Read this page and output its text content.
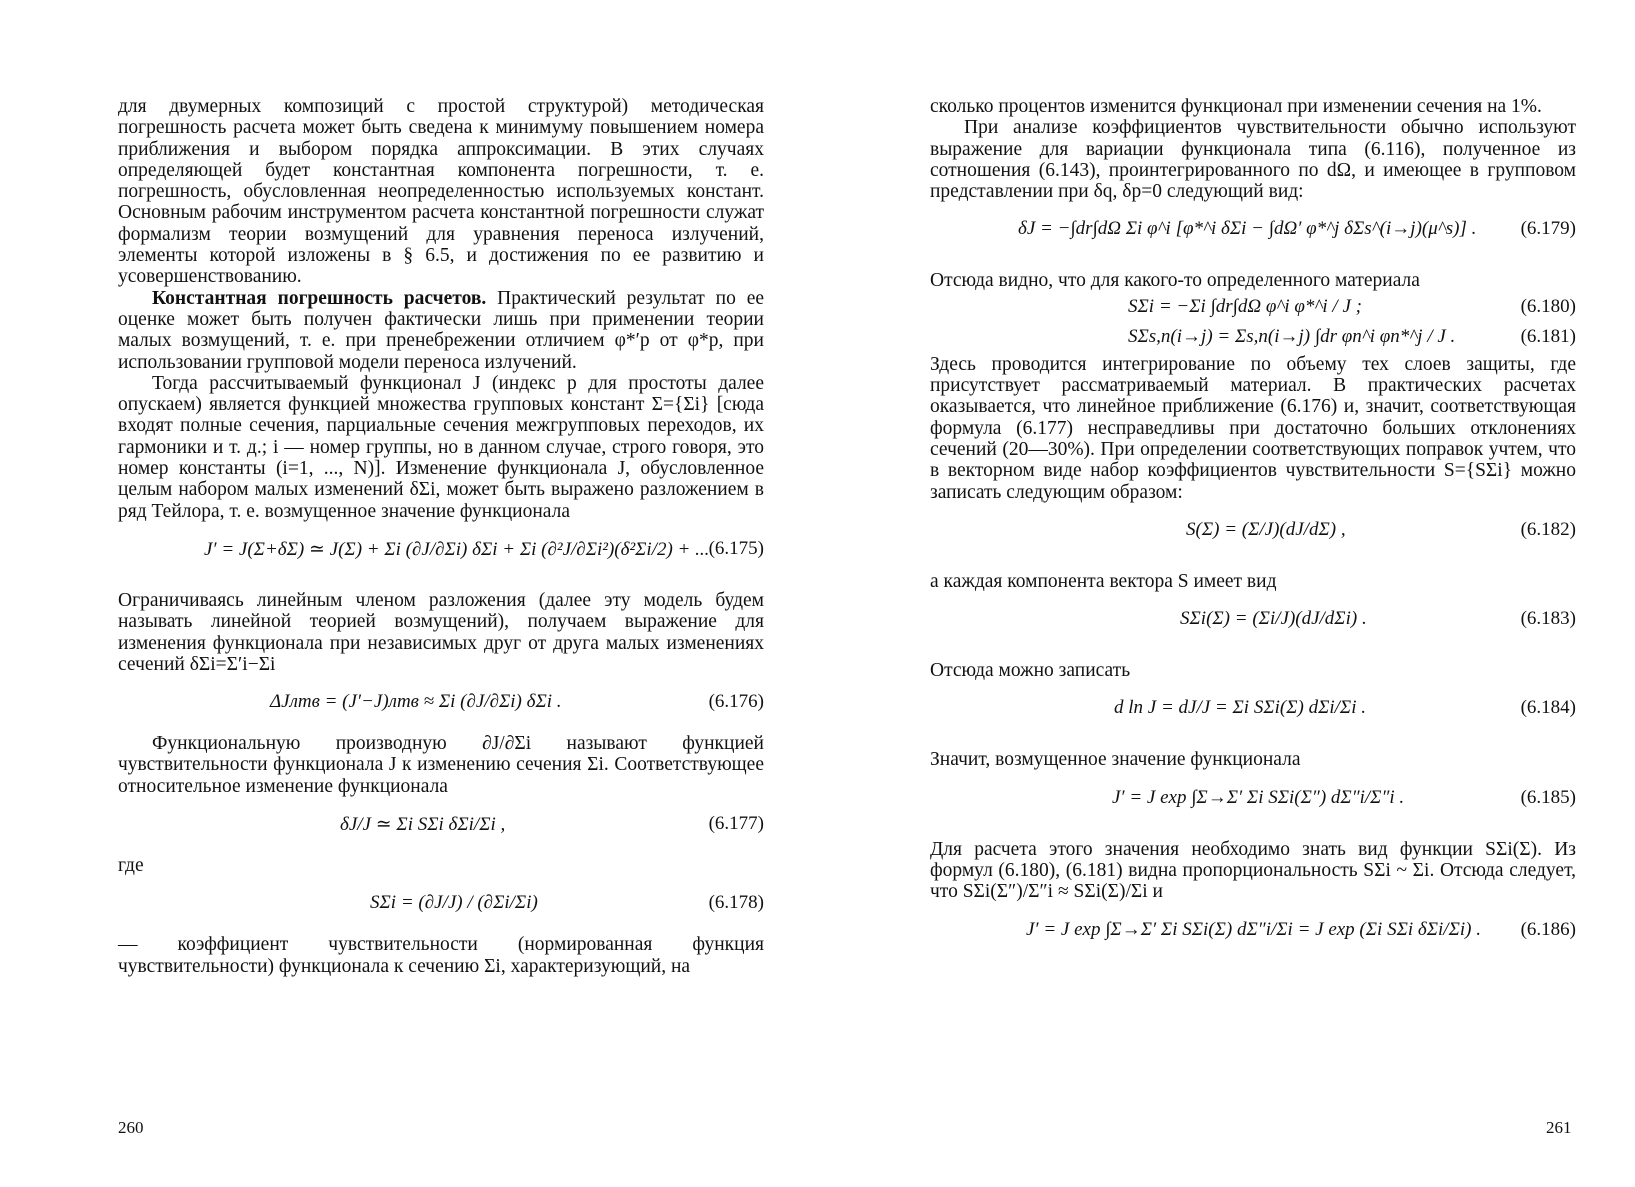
для двумерных композиций с простой структурой) методическая погрешность расчета может быть сведена к минимуму повышением номера приближения и выбором порядка аппроксимации. В этих случаях определяющей будет константная компонента погрешности, т. е. погрешность, обусловленная неопределенностью используемых констант. Основным рабочим инструментом расчета константной погрешности служат формализм теории возмущений для уравнения переноса излучений, элементы которой изложены в § 6.5, и достижения по ее развитию и усовершенствованию.

Константная погрешность расчетов. Практический результат по ее оценке может быть получен фактически лишь при применении теории малых возмущений, т. е. при пренебрежении отличием φ*′p от φ*p, при использовании групповой модели переноса излучений.

Тогда рассчитываемый функционал J (индекс p для простоты далее опускаем) является функцией множества групповых констант Σ={Σi} [сюда входят полные сечения, парциальные сечения межгрупповых переходов, их гармоники и т. д.; i — номер группы, но в данном случае, строго говоря, это номер константы (i=1, ..., N)]. Изменение функционала J, обусловленное целым набором малых изменений δΣi, может быть выражено разложением в ряд Тейлора, т. е. возмущенное значение функционала

J′ = J(Σ+δΣ) ≃ J(Σ) + Σi (∂J/∂Σi) δΣi + Σi (∂²J/∂Σi²)(δ²Σi/2) + ... (6.175)

Ограничиваясь линейным членом разложения (далее эту модель будем называть линейной теорией возмущений), получаем выражение для изменения функционала при независимых друг от друга малых изменениях сечений δΣi=Σ′i−Σi

ΔJлтв = (J′−J)лтв ≈ Σi (∂J/∂Σi) δΣi .	(6.176)

Функциональную производную ∂J/∂Σi называют функцией чувствительности функционала J к изменению сечения Σi. Соответствующее относительное изменение функционала

δJ/J ≃ Σi SΣi δΣi/Σi ,	(6.177)

где

SΣi = (∂J/J) / (∂Σi/Σi)	(6.178)

— коэффициент чувствительности (нормированная функция чувствительности) функционала к сечению Σi, характеризующий, на

сколько процентов изменится функционал при изменении сечения на 1%.

При анализе коэффициентов чувствительности обычно используют выражение для вариации функционала типа (6.116), полученное из сотношения (6.143), проинтегрированного по dΩ, и имеющее в групповом представлении при δq, δp=0 следующий вид:

δJ = −∫dr∫dΩ Σi φ^i [φ*^i δΣi − ∫dΩ′ φ*^j δΣs^(i→j)(μ^s)] . (6.179)

Отсюда видно, что для какого-то определенного материала

SΣi = −Σi ∫dr∫dΩ φ^i φ*^i / J ;	(6.180)
SΣs,n(i→j) = Σs,n(i→j) ∫dr φn^i φn*^j / J .	(6.181)

Здесь проводится интегрирование по объему тех слоев защиты, где присутствует рассматриваемый материал. В практических расчетах оказывается, что линейное приближение (6.176) и, значит, соответствующая формула (6.177) несправедливы при достаточно больших отклонениях сечений (20—30%). При определении соответствующих поправок учтем, что в векторном виде набор коэффициентов чувствительности S={SΣi} можно записать следующим образом:

S(Σ) = (Σ/J)(dJ/dΣ) ,	(6.182)

а каждая компонента вектора S имеет вид

SΣi(Σ) = (Σi/J)(dJ/dΣi) .	(6.183)

Отсюда можно записать

d ln J = dJ/J = Σi SΣi(Σ) dΣi/Σi .	(6.184)

Значит, возмущенное значение функционала

J′ = J exp ∫Σ→Σ′ Σi SΣi(Σ″) dΣ″i/Σ″i .	(6.185)

Для расчета этого значения необходимо знать вид функции SΣi(Σ). Из формул (6.180), (6.181) видна пропорциональность SΣi ~ Σi. Отсюда следует, что SΣi(Σ″)/Σ″i ≈ SΣi(Σ)/Σi и

J′ = J exp ∫Σ→Σ′ Σi SΣi(Σ) dΣ″i/Σi = J exp (Σi SΣi δΣi/Σi) . (6.186)
260	261
